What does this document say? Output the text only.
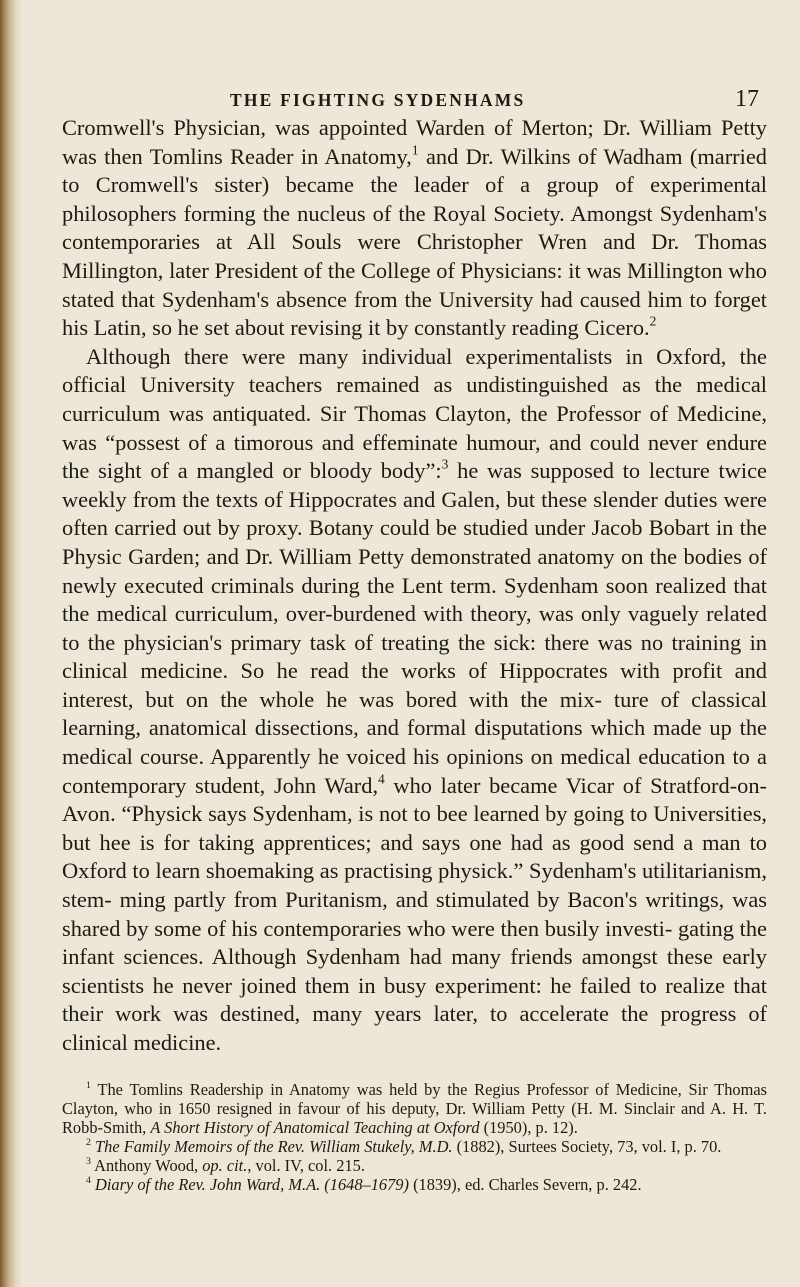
THE FIGHTING SYDENHAMS	17

Cromwell's Physician, was appointed Warden of Merton; Dr. William Petty was then Tomlins Reader in Anatomy,$^1$ and Dr. Wilkins of Wadham (married to Cromwell's sister) became the leader of a group of experimental philosophers forming the nucleus of the Royal Society. Amongst Sydenham's contemporaries at All Souls were Christopher Wren and Dr. Thomas Millington, later President of the College of Physicians: it was Millington who stated that Sydenham's absence from the University had caused him to forget his Latin, so he set about revising it by constantly reading Cicero.$^2$

Although there were many individual experimentalists in Oxford, the official University teachers remained as undistinguished as the medical curriculum was antiquated. Sir Thomas Clayton, the Professor of Medicine, was “possest of a timorous and effeminate humour, and could never endure the sight of a mangled or bloody body”:$^3$ he was supposed to lecture twice weekly from the texts of Hippocrates and Galen, but these slender duties were often carried out by proxy. Botany could be studied under Jacob Bobart in the Physic Garden; and Dr. William Petty demonstrated anatomy on the bodies of newly executed criminals during the Lent term. Sydenham soon realized that the medical curriculum, over-burdened with theory, was only vaguely related to the physician's primary task of treating the sick: there was no training in clinical medicine. So he read the works of Hippocrates with profit and interest, but on the whole he was bored with the mix- ture of classical learning, anatomical dissections, and formal disputations which made up the medical course. Apparently he voiced his opinions on medical education to a contemporary student, John Ward,$^4$ who later became Vicar of Stratford-on-Avon. “Physick says Sydenham, is not to bee learned by going to Universities, but hee is for taking apprentices; and says one had as good send a man to Oxford to learn shoemaking as practising physick.” Sydenham's utilitarianism, stem- ming partly from Puritanism, and stimulated by Bacon's writings, was shared by some of his contemporaries who were then busily investi- gating the infant sciences. Although Sydenham had many friends amongst these early scientists he never joined them in busy experiment: he failed to realize that their work was destined, many years later, to accelerate the progress of clinical medicine.

$^1$ The Tomlins Readership in Anatomy was held by the Regius Professor of Medicine, Sir Thomas Clayton, who in 1650 resigned in favour of his deputy, Dr. William Petty (H. M. Sinclair and A. H. T. Robb-Smith, A Short History of Anatomical Teaching at Oxford (1950), p. 12).

$^2$ The Family Memoirs of the Rev. William Stukely, M.D. (1882), Surtees Society, 73, vol. I, p. 70.

$^3$ Anthony Wood, op. cit., vol. IV, col. 215.

$^4$ Diary of the Rev. John Ward, M.A. (1648–1679) (1839), ed. Charles Severn, p. 242.
